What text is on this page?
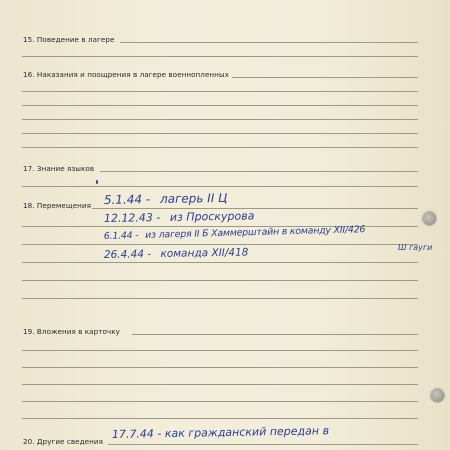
15. Поведение в лагере
16. Наказания и поощрения в лагере военнопленных
17. Знание языков
18. Перемещения 5.1.44 - лагерь II Ц
12.12.43 - из Проскурова
6.1.44 - из лагеря II Б Хаммерштайн в команду XII/426
Ш гауги
26.4.44 - команда XII/418
19. Вложения в карточку
20. Другие сведения
17.7.44 - как гражданский передан в
